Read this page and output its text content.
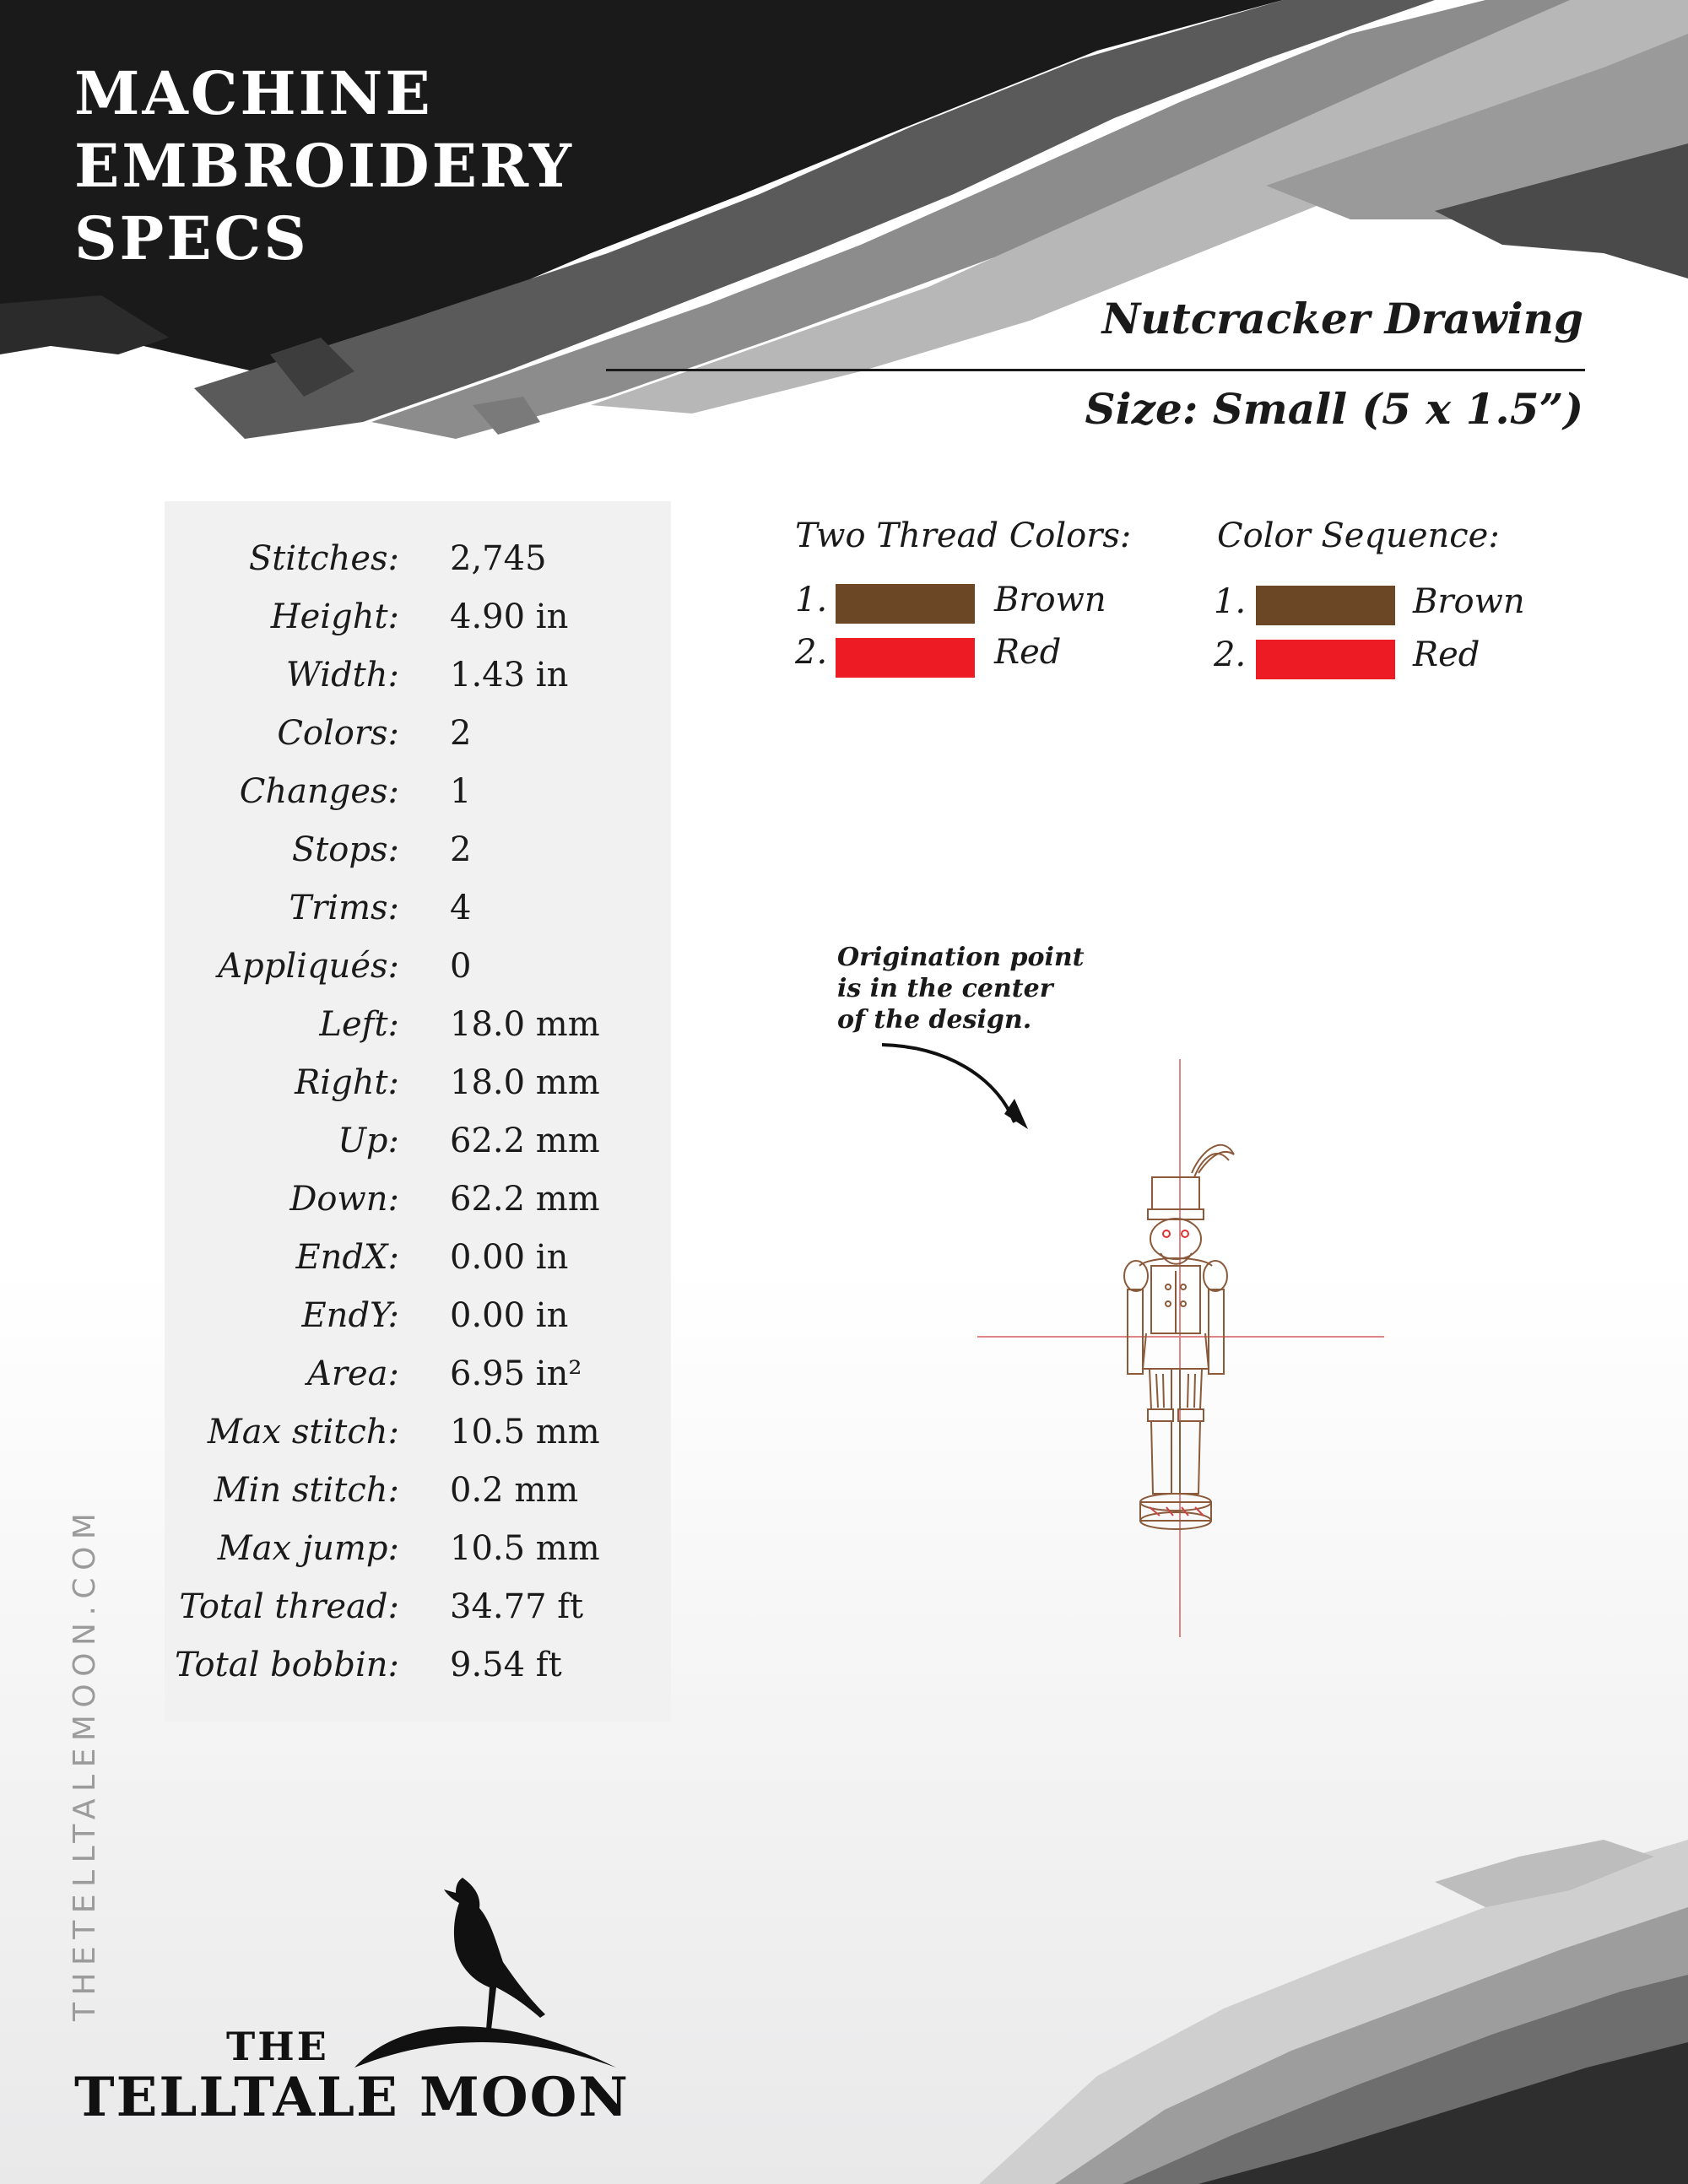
MACHINE
EMBROIDERY
SPECS
Nutcracker Drawing
Size: Small (5 x 1.5”)
Stitches: 2,745
Height: 4.90 in
Width: 1.43 in
Colors: 2
Changes: 1
Stops: 2
Trims: 4
Appliqués: 0
Left: 18.0 mm
Right: 18.0 mm
Up: 62.2 mm
Down: 62.2 mm
EndX: 0.00 in
EndY: 0.00 in
Area: 6.95 in²
Max stitch: 10.5 mm
Min stitch: 0.2 mm
Max jump: 10.5 mm
Total thread: 34.77 ft
Total bobbin: 9.54 ft
Two Thread Colors:
1.	Brown
2.	Red
Color Sequence:
1.	Brown
2.	Red
Origination point
is in the center
of the design.
THETELLTALEMOON.COM
THE
TELLTALE MOON
